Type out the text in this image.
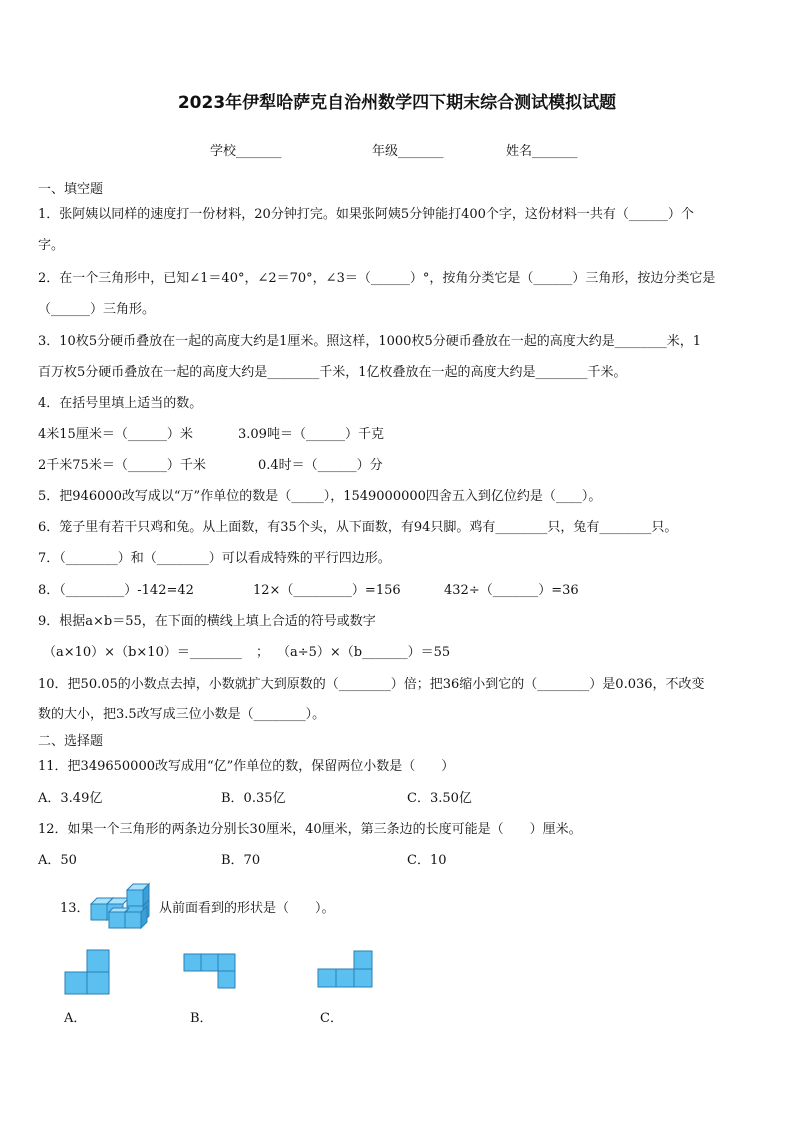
2023年伊犁哈萨克自治州数学四下期末综合测试模拟试题
学校_______	年级_______	姓名_______
一、填空题
1．张阿姨以同样的速度打一份材料，20分钟打完。如果张阿姨5分钟能打400个字，这份材料一共有（______）个
字。
2．在一个三角形中，已知∠1＝40°，∠2＝70°，∠3＝（______）°，按角分类它是（______）三角形，按边分类它是
（______）三角形。
3．10枚5分硬币叠放在一起的高度大约是1厘米。照这样，1000枚5分硬币叠放在一起的高度大约是________米，1
百万枚5分硬币叠放在一起的高度大约是________千米，1亿枚叠放在一起的高度大约是________千米。
4．在括号里填上适当的数。
4米15厘米＝（______）米	3.09吨＝（______）千克
2千米75米＝（______）千米	0.4时＝（______）分
5．把946000改写成以“万”作单位的数是（_____），1549000000四舍五入到亿位约是（____）。
6．笼子里有若干只鸡和兔。从上面数，有35个头，从下面数，有94只脚。鸡有________只，兔有________只。
7．（________）和（________）可以看成特殊的平行四边形。
8．（_________）-142=42	12×（_________）=156	432÷（_______）=36
9．根据a×b＝55，在下面的横线上填上合适的符号或数字
（a×10）×（b×10）＝________ ； （a÷5）×（b_______）＝55
10．把50.05的小数点去掉，小数就扩大到原数的（________）倍；把36缩小到它的（________）是0.036，不改变
数的大小，把3.5改写成三位小数是（________）。
二、选择题
11．把349650000改写成用“亿”作单位的数，保留两位小数是（　　）
A．3.49亿	B．0.35亿	C．3.50亿
12．如果一个三角形的两条边分别长30厘米，40厘米，第三条边的长度可能是（　　）厘米。
A．50	B．70	C．10
13．	从前面看到的形状是（　　）。
A．	B．	C．
